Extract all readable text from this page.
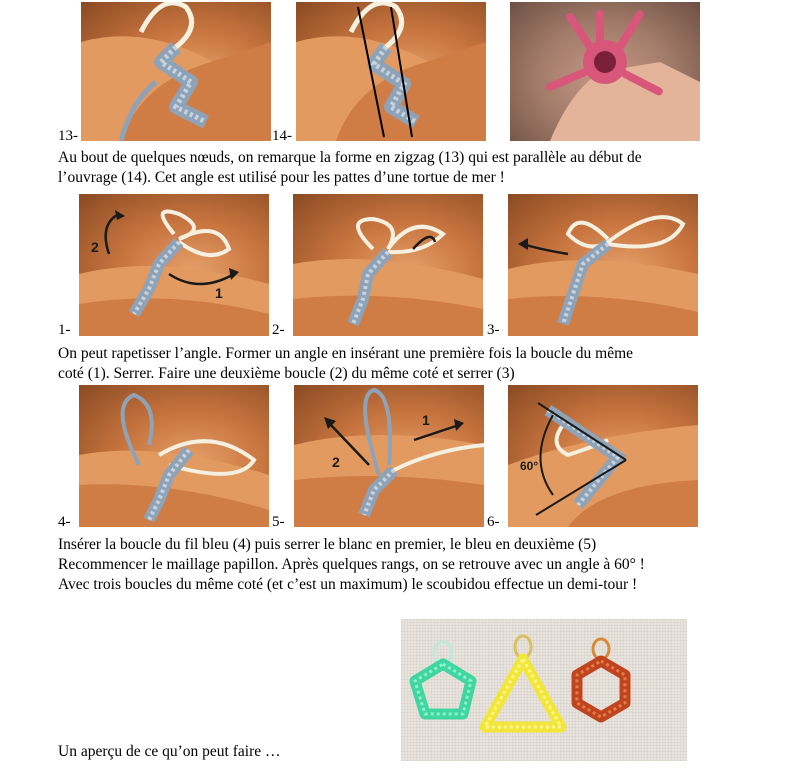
13-	14-
Au bout de quelques nœuds, on remarque la forme en zigzag (13) qui est parallèle au début de
l’ouvrage (14). Cet angle est utilisé pour les pattes d’une tortue de mer !
2
1
1-	2-	3-
On peut rapetisser l’angle. Former un angle en insérant une première fois la boucle du même
coté (1). Serrer. Faire une deuxième boucle (2) du même coté et serrer (3)
4-
2
1
5-
60°
6-
Insérer la boucle du fil bleu (4) puis serrer le blanc en premier, le bleu en deuxième (5)
Recommencer le maillage papillon. Après quelques rangs, on se retrouve avec un angle à 60° !
Avec trois boucles du même coté (et c’est un maximum) le scoubidou effectue un demi-tour !
Un aperçu de ce qu’on peut faire …
